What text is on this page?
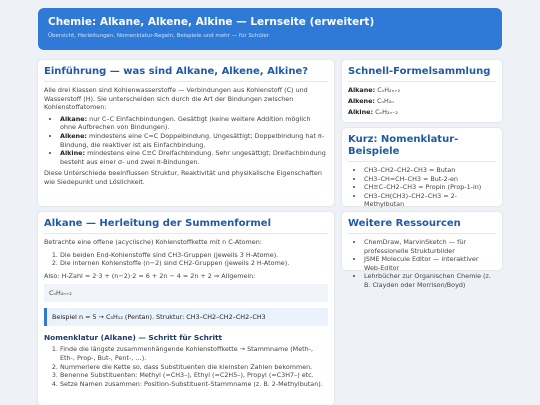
Chemie: Alkane, Alkene, Alkine — Lernseite (erweitert)

Übersicht, Herleitungen, Nomenklatur-Regeln, Beispiele und mehr — für Schüler

Einführung — was sind Alkane, Alkene, Alkine?

Alle drei Klassen sind Kohlenwasserstoffe — Verbindungen aus Kohlenstoff (C) und Wasserstoff (H). Sie unterscheiden sich durch die Art der Bindungen zwischen Kohlenstoffatomen:

• Alkane: nur C–C Einfachbindungen. Gesättigt (keine weitere Addition möglich ohne Aufbrechen von Bindungen).
• Alkene: mindestens eine C=C Doppelbindung. Ungesättigt; Doppelbindung hat π-Bindung, die reaktiver ist als Einfachbindung.
• Alkine: mindestens eine C≡C Dreifachbindung. Sehr ungesättigt; Dreifachbindung besteht aus einer σ- und zwei π-Bindungen.

Diese Unterschiede beeinflussen Struktur, Reaktivität und physikalische Eigenschaften wie Siedepunkt und Löslichkeit.

Alkane — Herleitung der Summenformel

Betrachte eine offene (acyclische) Kohlenstoffkette mit n C-Atomen:

1. Die beiden End-Kohlenstoffe sind CH3-Gruppen (jeweils 3 H-Atome).
2. Die internen Kohlenstoffe (n−2) sind CH2-Gruppen (jeweils 2 H-Atome).

Also: H-Zahl = 2·3 + (n−2)·2 = 6 + 2n − 4 = 2n + 2 ⇒ Allgemein:

CₙH₂ₙ₊₂
Beispiel n = 5 → C₅H₁₂ (Pentan). Struktur: CH3–CH2–CH2–CH2–CH3
Nomenklatur (Alkane) — Schritt für Schritt
1. Finde die längste zusammenhängende Kohlenstoffkette → Stammname (Meth-, Eth-, Prop-, But-, Pent-, …).
2. Nummeriere die Kette so, dass Substituenten die kleinsten Zahlen bekommen.
3. Benenne Substituenten: Methyl (=CH3–), Ethyl (=C2H5–), Propyl (=C3H7–) etc.
4. Setze Namen zusammen: Position-Substituent-Stammname (z. B. 2-Methylbutan).
Schnell-Formelsammlung
Alkane: CₙH₂ₙ₊₂
Alkene: CₙH₂ₙ
Alkine: CₙH₂ₙ₋₂
Kurz: Nomenklatur-Beispiele
• CH3–CH2–CH2–CH3 = Butan
• CH3–CH=CH–CH3 = But-2-en
• CH≡C–CH2–CH3 = Propin (Prop-1-in)
• CH3–CH(CH3)–CH2–CH3 = 2-Methylbutan
Weitere Ressourcen
• ChemDraw, MarvinSketch — für professionelle Strukturbilder
• JSME Molecule Editor — interaktiver Web-Editor
• Lehrbücher zur Organischen Chemie (z. B. Clayden oder Morrison/Boyd)
